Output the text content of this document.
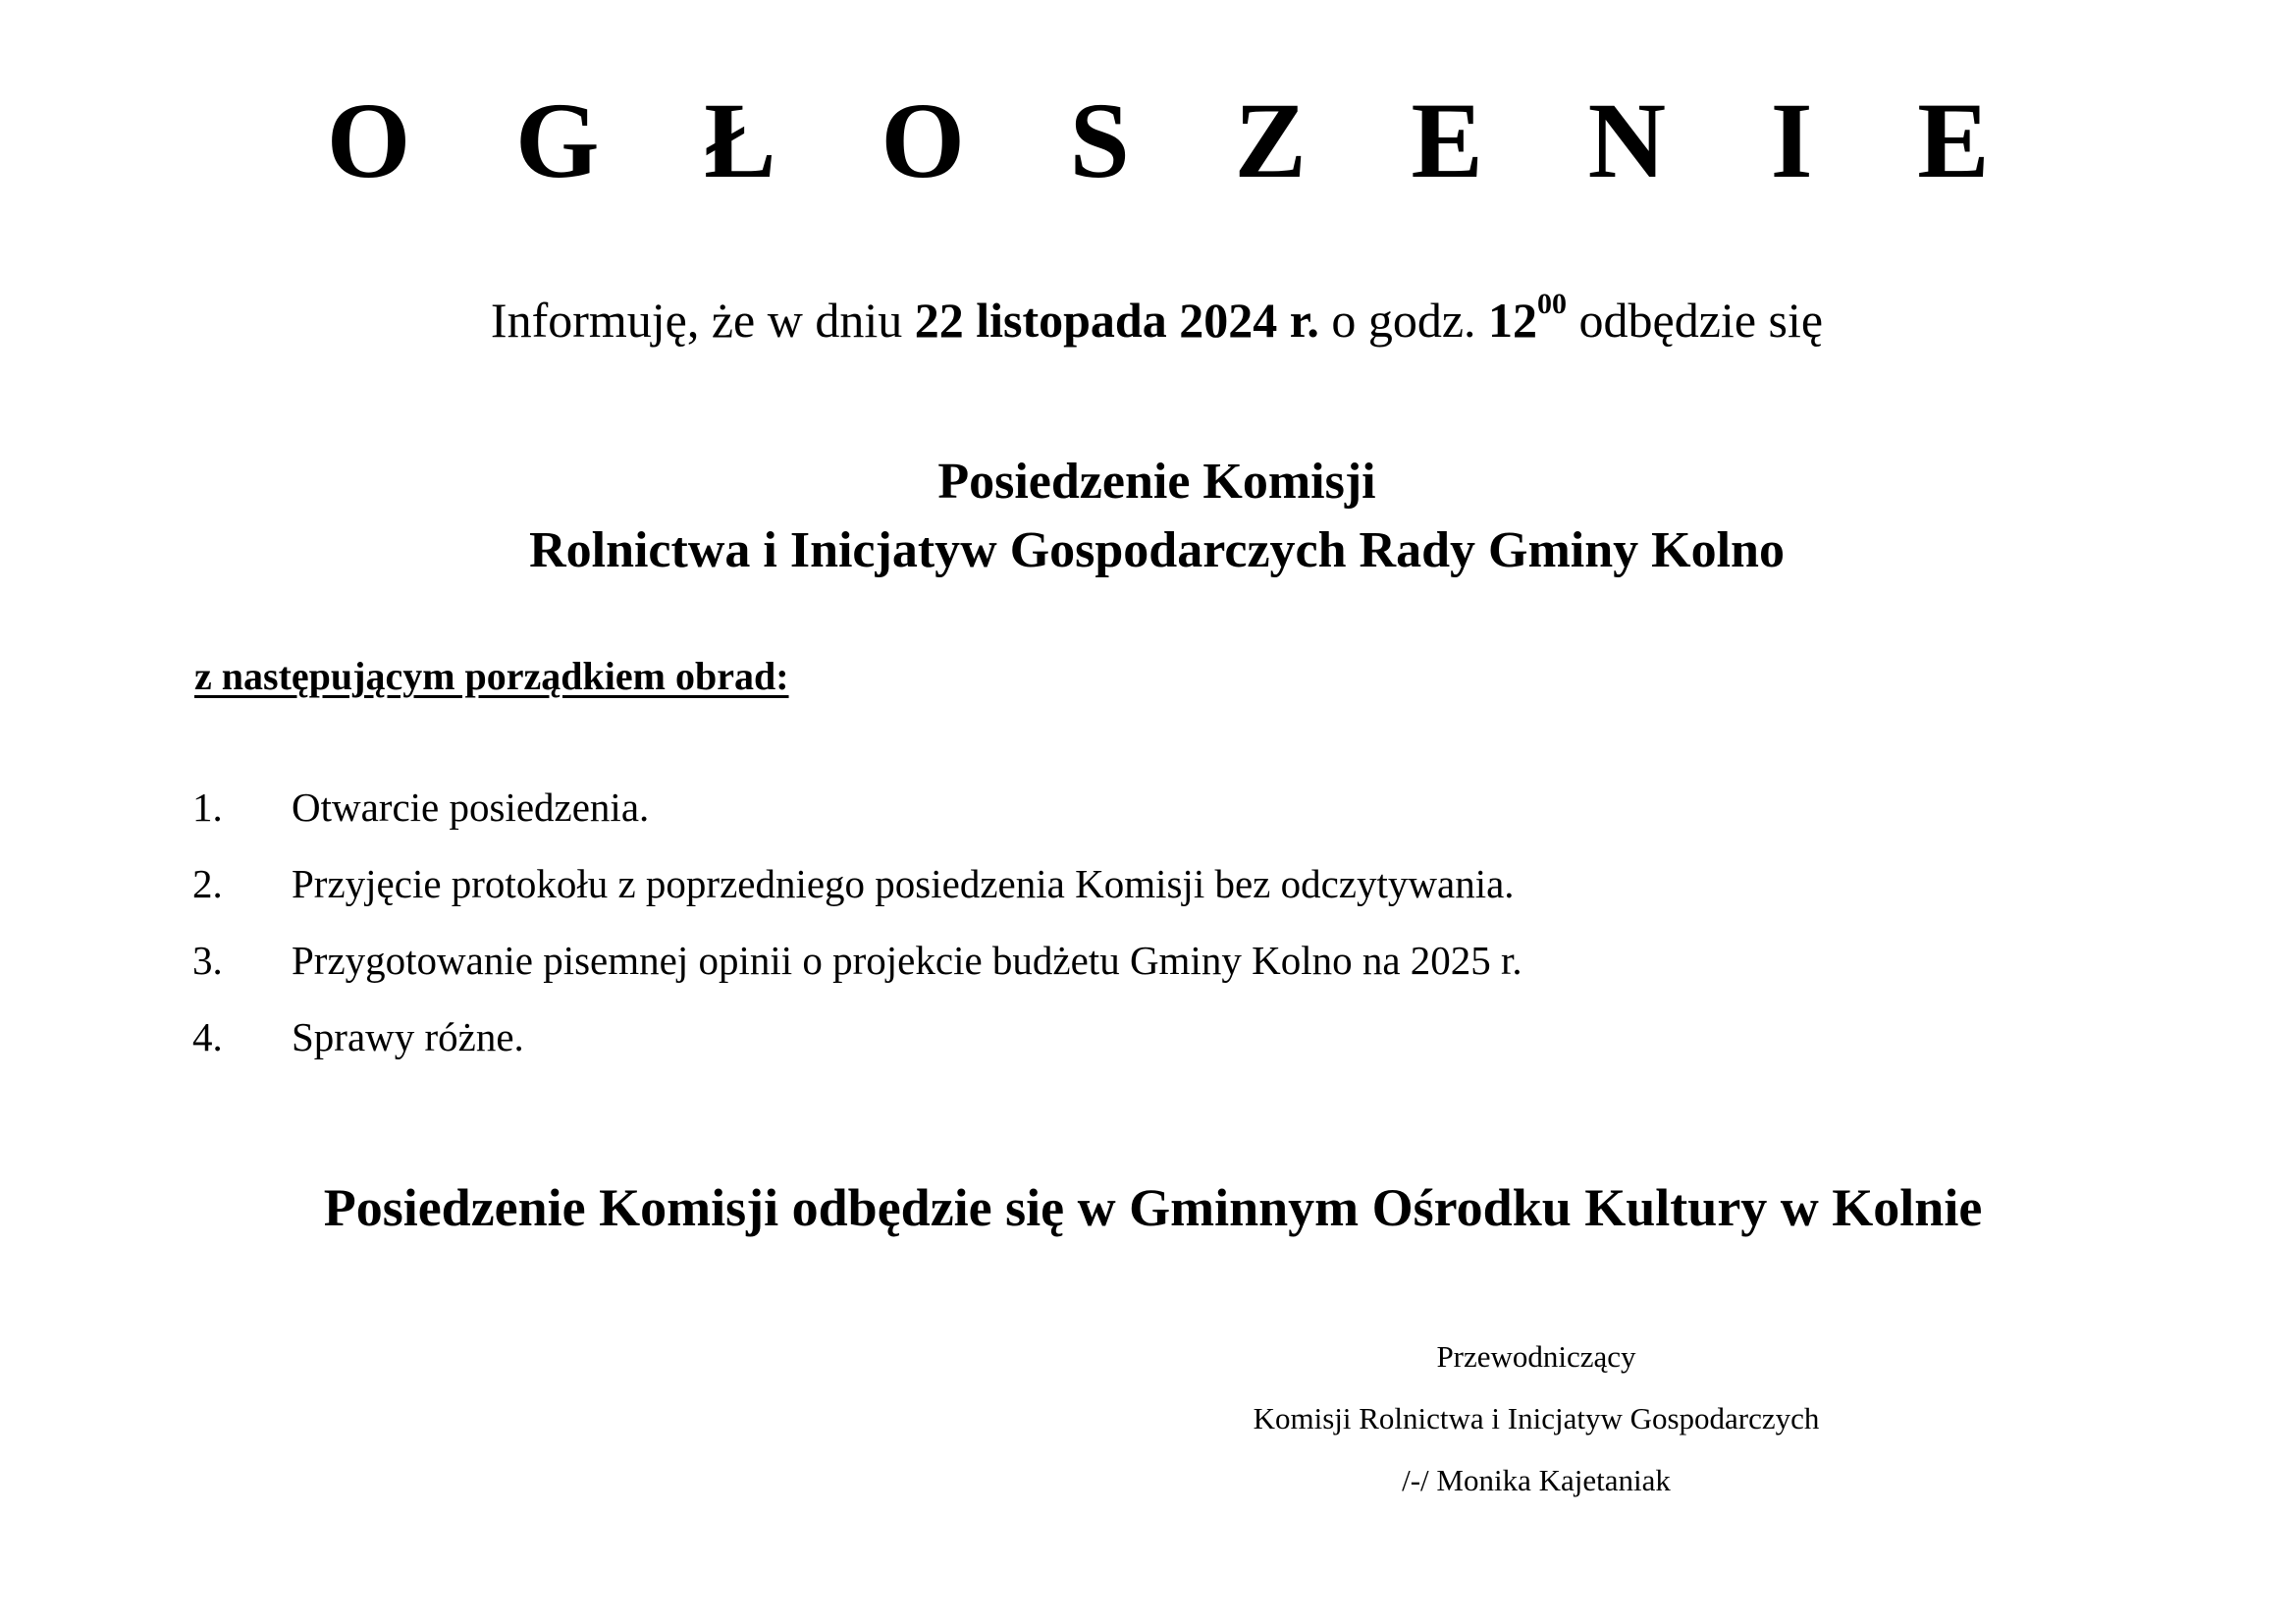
O G Ł O S Z E N I E
Informuję, że w dniu 22 listopada 2024 r. o godz. $12^{00}$ odbędzie się
Posiedzenie Komisji
Rolnictwa i Inicjatyw Gospodarczych Rady Gminy Kolno
z następującym porządkiem obrad:
1.	Otwarcie posiedzenia.
2.	Przyjęcie protokołu z poprzedniego posiedzenia Komisji bez odczytywania.
3.	Przygotowanie pisemnej opinii o projekcie budżetu Gminy Kolno na 2025 r.
4.	Sprawy różne.
Posiedzenie Komisji odbędzie się w Gminnym Ośrodku Kultury w Kolnie
Przewodniczący
Komisji Rolnictwa i Inicjatyw Gospodarczych
/-/ Monika Kajetaniak
